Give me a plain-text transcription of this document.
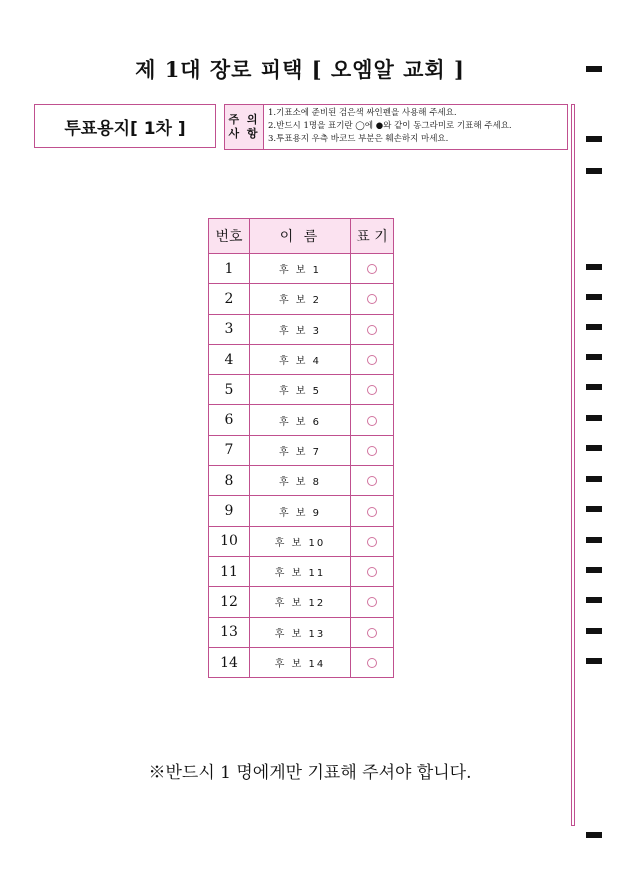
제 1대 장로 피택 [ 오엠알 교회 ]
투표용지[ 1차 ]	주 의
사 항
1.기표소에 준비된 검은색 싸인펜을 사용해 주세요.
2.반드시 1명을 표기란 ◯에 ●와 같이 동그라미로 기표해 주세요.
3.투표용지 우측 바코드 부분은 훼손하지 마세요.
번호	이 름	표 기
1	후 보 1	
2	후 보 2	
3	후 보 3	
4	후 보 4	
5	후 보 5	
6	후 보 6	
7	후 보 7	
8	후 보 8	
9	후 보 9	
10	후 보 10	
11	후 보 11	
12	후 보 12	
13	후 보 13	
14	후 보 14	
※반드시 1 명에게만 기표해 주셔야 합니다.
